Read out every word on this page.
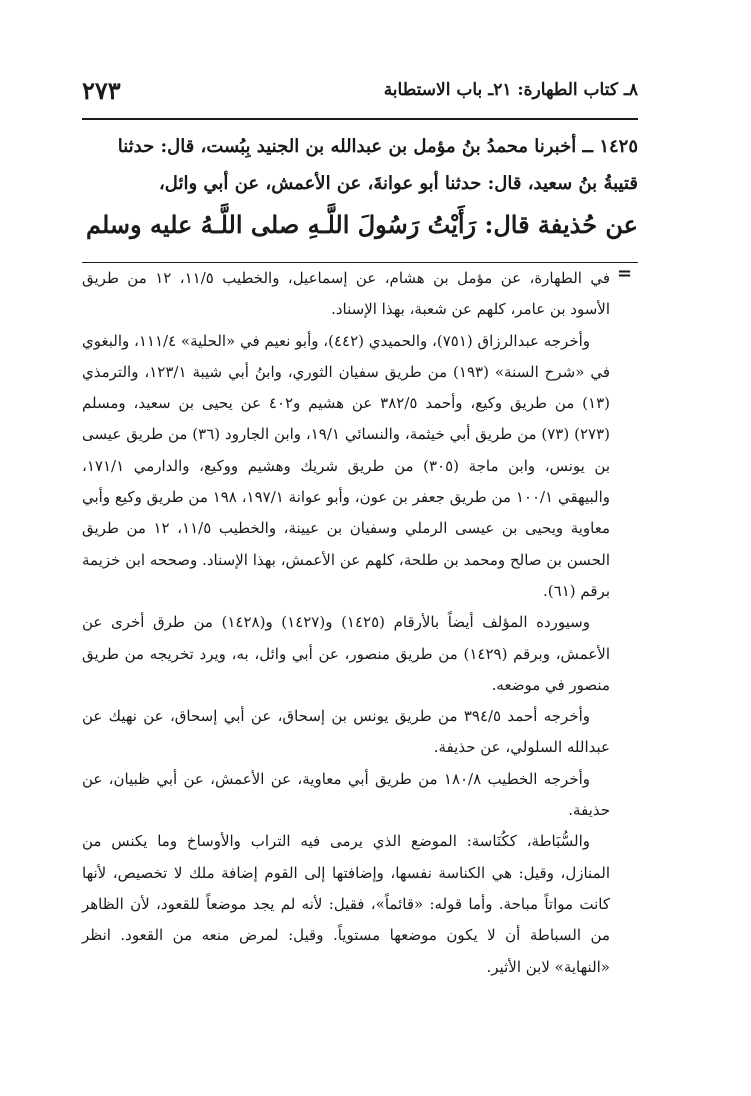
٨ـ كتاب الطهارة: ٢١ـ باب الاستطابة
٢٧٣
١٤٢٥ ــ أخبرنا محمدُ بنُ مؤمل بن عبدالله بن الجنيد بِبُست، قال: حدثنا
قتيبةُ بنُ سعيد، قال: حدثنا أبو عوانةَ، عن الأعمش، عن أبي وائل،
عن حُذيفة قال: رَأَيْتُ رَسُولَ اللَّـهِ صلى اللَّـهُ عليه وسلم
=

في الطهارة، عن مؤمل بن هشام، عن إسماعيل، والخطيب ١١/٥، ١٢ من طريق الأسود بن عامر، كلهم عن شعبة، بهذا الإسناد.

وأخرجه عبدالرزاق (٧٥١)، والحميدي (٤٤٢)، وأبو نعيم في «الحلية» ١١١/٤، والبغوي في «شرح السنة» (١٩٣) من طريق سفيان الثوري، وابنُ أبي شيبة ١٢٣/١، والترمذي (١٣) من طريق وكيع، وأحمد ٣٨٢/٥ عن هشيم و٤٠٢ عن يحيى بن سعيد، ومسلم (٢٧٣) (٧٣) من طريق أبي خيثمة، والنسائي ١٩/١، وابن الجارود (٣٦) من طريق عيسى بن يونس، وابن ماجة (٣٠٥) من طريق شريك وهشيم ووكيع، والدارمي ١٧١/١، والبيهقي ١٠٠/١ من طريق جعفر بن عون، وأبو عوانة ١٩٧/١، ١٩٨ من طريق وكيع وأبي معاوية ويحيى بن عيسى الرملي وسفيان بن عيينة، والخطيب ١١/٥، ١٢ من طريق الحسن بن صالح ومحمد بن طلحة، كلهم عن الأعمش، بهذا الإسناد. وصححه ابن خزيمة برقم (٦١).

وسيورده المؤلف أيضاً بالأرقام (١٤٢٥) و(١٤٢٧) و(١٤٢٨) من طرق أخرى عن الأعمش، وبرقم (١٤٢٩) من طريق منصور، عن أبي وائل، به، ويرد تخريجه من طريق منصور في موضعه.

وأخرجه أحمد ٣٩٤/٥ من طريق يونس بن إسحاق، عن أبي إسحاق، عن نهيك عن عبدالله السلولي، عن حذيفة.

وأخرجه الخطيب ١٨٠/٨ من طريق أبي معاوية، عن الأعمش، عن أبي ظبيان، عن حذيفة.

والسُّبَاطة، ككُنَاسة: الموضع الذي يرمى فيه التراب والأوساخ وما يكنس من المنازل، وقيل: هي الكناسة نفسها، وإضافتها إلى القوم إضافة ملك لا تخصيص، لأنها كانت مواتاً مباحة. وأما قوله: «قائماً»، فقيل: لأنه لم يجد موضعاً للقعود، لأن الظاهر من السباطة أن لا يكون موضعها مستوياً. وقيل: لمرض منعه من القعود. انظر «النهاية» لابن الأثير.
